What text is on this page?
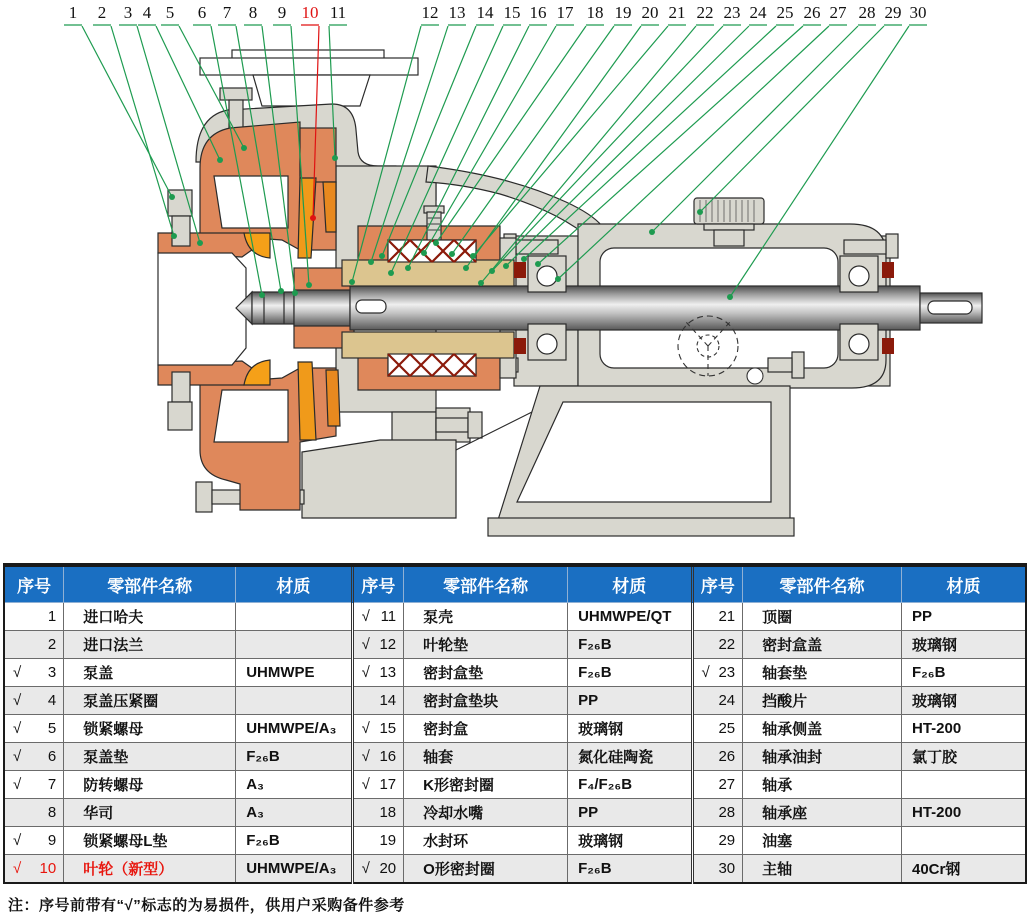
1 2 3 4 5 6 7 8 9 10 11	12 13 14 15 16 17 18 19 20 21 22 23 24 25 26 27 28 29 30
序号	零部件名称	材质	序号	零部件名称	材质	序号	零部件名称	材质

1	进口哈夫		√ 11	泵壳	UHMWPE/QT	21	顶圈	PP

2	进口法兰		√ 12	叶轮垫	F₂₆B	22	密封盒盖	玻璃钢

√ 3	泵盖	UHMWPE	√ 13	密封盒垫	F₂₆B	√ 23	轴套垫	F₂₆B

√ 4	泵盖压紧圈		14	密封盒垫块	PP	24	挡酸片	玻璃钢

√ 5	锁紧螺母	UHMWPE/A₃	√ 15	密封盒	玻璃钢	25	轴承侧盖	HT-200

√ 6	泵盖垫	F₂₆B	√ 16	轴套	氮化硅陶瓷	26	轴承油封	氯丁胶

√ 7	防转螺母	A₃	√ 17	K形密封圈	F₄/F₂₆B	27	轴承	

8	华司	A₃	18	冷却水嘴	PP	28	轴承座	HT-200

√ 9	锁紧螺母L垫	F₂₆B	19	水封环	玻璃钢	29	油塞	

√ 10	叶轮（新型）	UHMWPE/A₃	√ 20	O形密封圈	F₂₆B	30	主轴	40Cr钢
注：序号前带有“√”标志的为易损件，供用户采购备件参考
